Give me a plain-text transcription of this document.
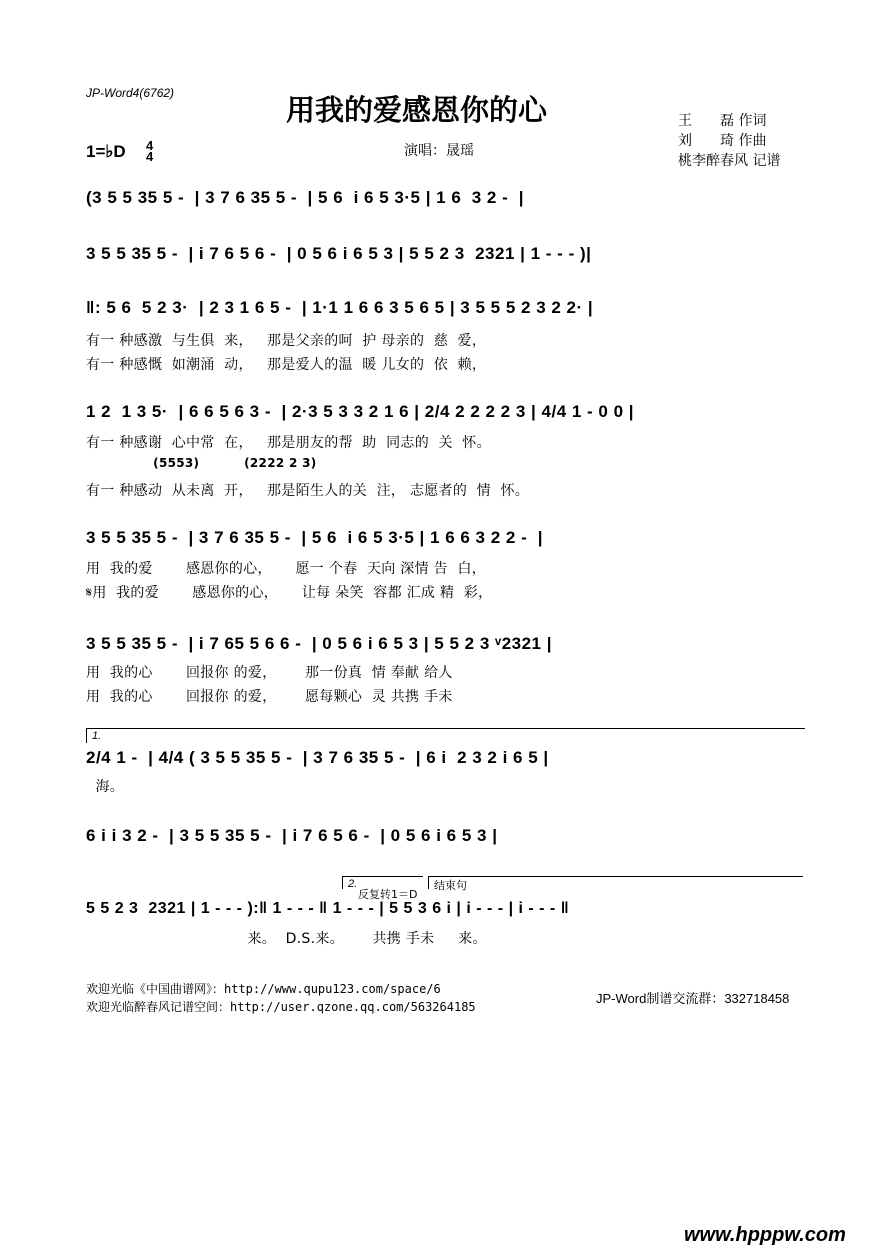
JP-Word4(6762)	用我的爱感恩你的心
1=♭D 4
4	演唱：晟瑶
王　　磊 作词
刘　　琦 作曲
桃李醉春风 记谱
(3 5 5 35 5 -  | 3 7 6 35 5 -  | 5 6  i 6 5 3·5 | 1 6  3 2 -  |
3 5 5 35 5 -  | i 7 6 5 6 -  | 0 5 6 i 6 5 3 | 5 5 2 3  2321 | 1 - - - )|
‖: 5 6  5 2 3·  | 2 3 1 6 5 -  | 1·1 1 6 6 3 5 6 5 | 3 5 5 5 2 3 2 2· |
有一 种感激  与生俱  来，   那是父亲的呵  护 母亲的  慈  爱，
有一 种感慨  如潮涌  动，   那是爱人的温  暖 儿女的  依  赖，
1 2  1 3 5·  | 6 6 5 6 3 -  | 2·3 5 3 3 2 1 6 | 2/4 2 2 2 2 3 | 4/4 1 - 0 0 |
有一 种感谢  心中常  在，   那是朋友的帮  助  同志的  关  怀。
(5553)          (2222 2 3)
有一 种感动  从未离  开，   那是陌生人的关  注， 志愿者的  情  怀。
3 5 5 35 5 -  | 3 7 6 35 5 -  | 5 6  i 6 5 3·5 | 1 6 6 3 2 2 -  |
用  我的爱       感恩你的心，     愿一 个春  天向 深情 告  白，
𝄋用  我的爱       感恩你的心，     让每 朵笑  容都 汇成 精  彩，
3 5 5 35 5 -  | i 7 65 5 6 6 -  | 0 5 6 i 6 5 3 | 5 5 2 3 ᵛ2321 |
用  我的心       回报你 的爱，      那一份真  情 奉献 给人
用  我的心       回报你 的爱，      愿每颗心  灵 共携 手未
1.
2/4 1 -  | 4/4 ( 3 5 5 35 5 -  | 3 7 6 35 5 -  | 6 i  2 3 2 i 6 5 |
海。
6 i i 3 2 -  | 3 5 5 35 5 -  | i 7 6 5 6 -  | 0 5 6 i 6 5 3 |
2.
反复转1＝D
结束句
5 5 2 3  2321 | 1 - - - ):‖ 1 - - - ‖ 1 - - - | 5 5 3 6 i | i - - - | i - - - ‖
来。  D.S.来。      共携 手未     来。
欢迎光临《中国曲谱网》：http://www.qupu123.com/space/6
欢迎光临醉春风记谱空间：http://user.qzone.qq.com/563264185
JP-Word制谱交流群：332718458
www.hpppw.com
